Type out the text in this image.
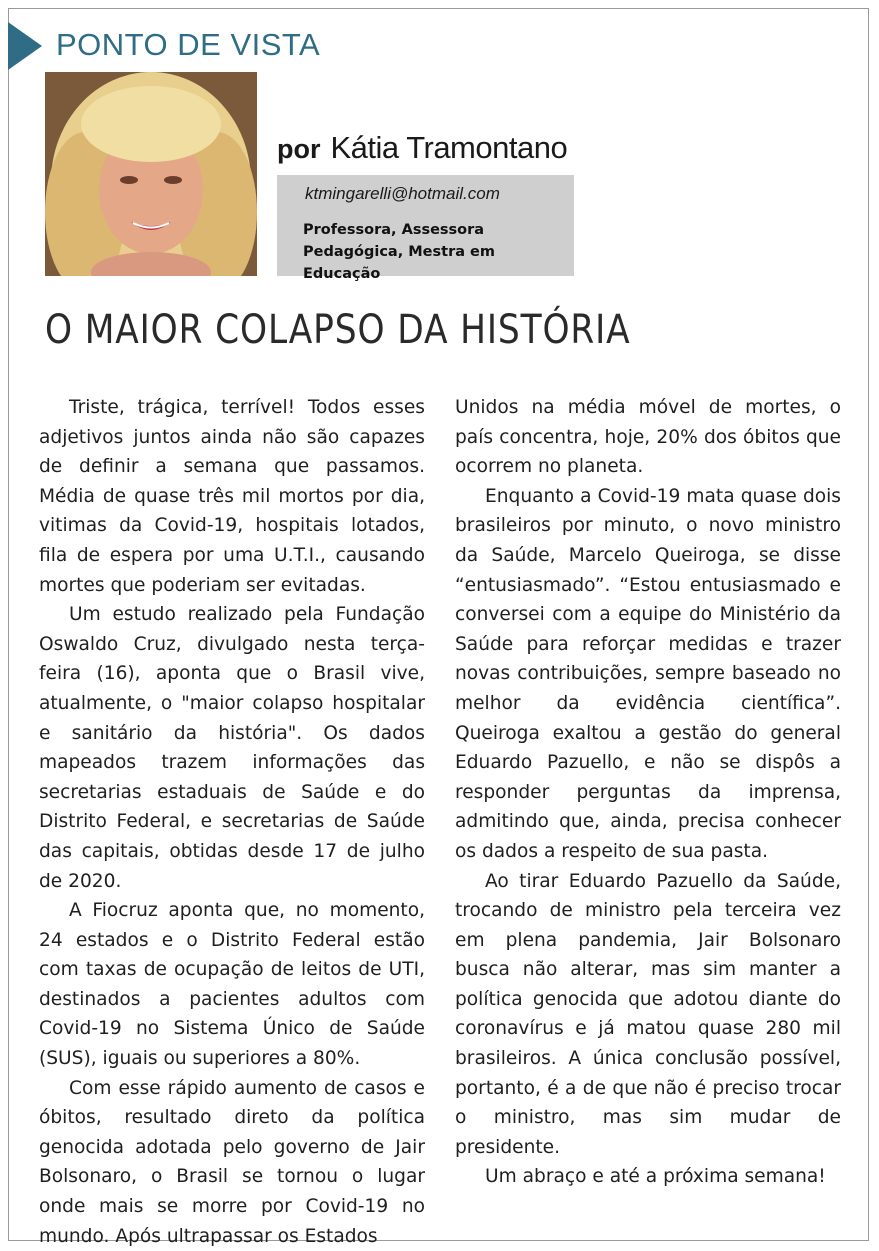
PONTO DE VISTA
por Kátia Tramontano
ktmingarelli@hotmail.com
Professora, Assessora
Pedagógica, Mestra em Educação
O MAIOR COLAPSO DA HISTÓRIA

Triste, trágica, terrível! Todos esses adjetivos juntos ainda não são capazes de definir a semana que passamos. Média de quase três mil mortos por dia, vitimas da Covid-19, hospitais lotados, fila de espera por uma U.T.I., causando mortes que poderiam ser evitadas.

Um estudo realizado pela Fundação Oswaldo Cruz, divulgado nesta terça-feira (16), aponta que o Brasil vive, atualmente, o "maior colapso hospitalar e sanitário da história". Os dados mapeados trazem informações das secretarias estaduais de Saúde e do Distrito Federal, e secretarias de Saúde das capitais, obtidas desde 17 de julho de 2020.

A Fiocruz aponta que, no momento, 24 estados e o Distrito Federal estão com taxas de ocupação de leitos de UTI, destinados a pacientes adultos com Covid-19 no Sistema Único de Saúde (SUS), iguais ou superiores a 80%.

Com esse rápido aumento de casos e óbitos, resultado direto da política genocida adotada pelo governo de Jair Bolsonaro, o Brasil se tornou o lugar onde mais se morre por Covid-19 no mundo. Após ultrapassar os Estados

Unidos na média móvel de mortes, o país concentra, hoje, 20% dos óbitos que ocorrem no planeta.

Enquanto a Covid-19 mata quase dois brasileiros por minuto, o novo ministro da Saúde, Marcelo Queiroga, se disse “entusiasmado”. “Estou entusiasmado e conversei com a equipe do Ministério da Saúde para reforçar medidas e trazer novas contribuições, sempre baseado no melhor da evidência científica”. Queiroga exaltou a gestão do general Eduardo Pazuello, e não se dispôs a responder perguntas da imprensa, admitindo que, ainda, precisa conhecer os dados a respeito de sua pasta.

Ao tirar Eduardo Pazuello da Saúde, trocando de ministro pela terceira vez em plena pandemia, Jair Bolsonaro busca não alterar, mas sim manter a política genocida que adotou diante do coronavírus e já matou quase 280 mil brasileiros. A única conclusão possível, portanto, é a de que não é preciso trocar o ministro, mas sim mudar de presidente.

Um abraço e até a próxima semana!
